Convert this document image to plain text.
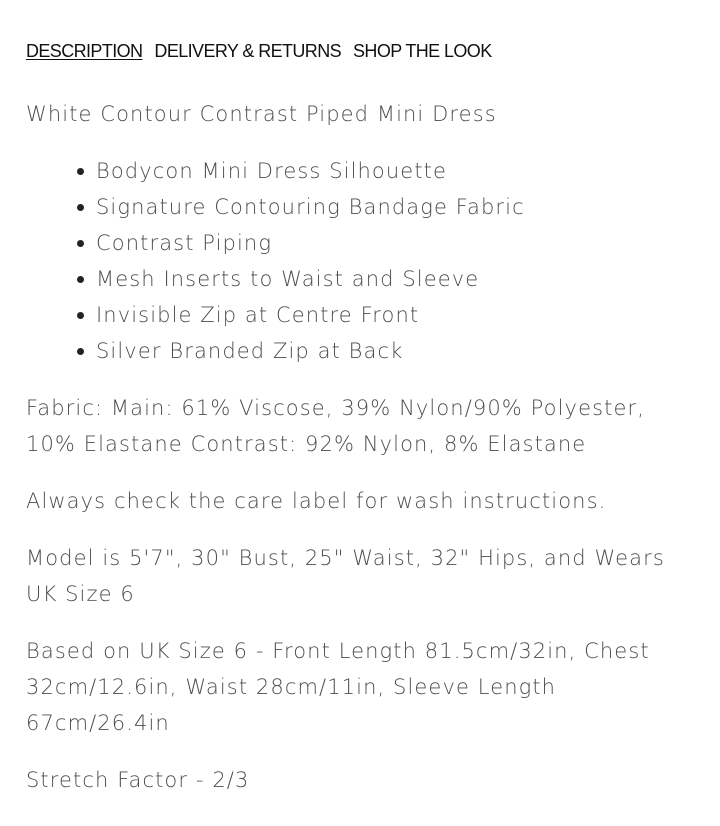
DESCRIPTION DELIVERY & RETURNS SHOP THE LOOK

White Contour Contrast Piped Mini Dress

Bodycon Mini Dress Silhouette
Signature Contouring Bandage Fabric
Contrast Piping
Mesh Inserts to Waist and Sleeve
Invisible Zip at Centre Front
Silver Branded Zip at Back

Fabric: Main: 61% Viscose, 39% Nylon/90% Polyester, 10% Elastane Contrast: 92% Nylon, 8% Elastane

Always check the care label for wash instructions.

Model is 5'7", 30" Bust, 25" Waist, 32" Hips, and Wears UK Size 6

Based on UK Size 6 - Front Length 81.5cm/32in, Chest 32cm/12.6in, Waist 28cm/11in, Sleeve Length 67cm/26.4in

Stretch Factor - 2/3
